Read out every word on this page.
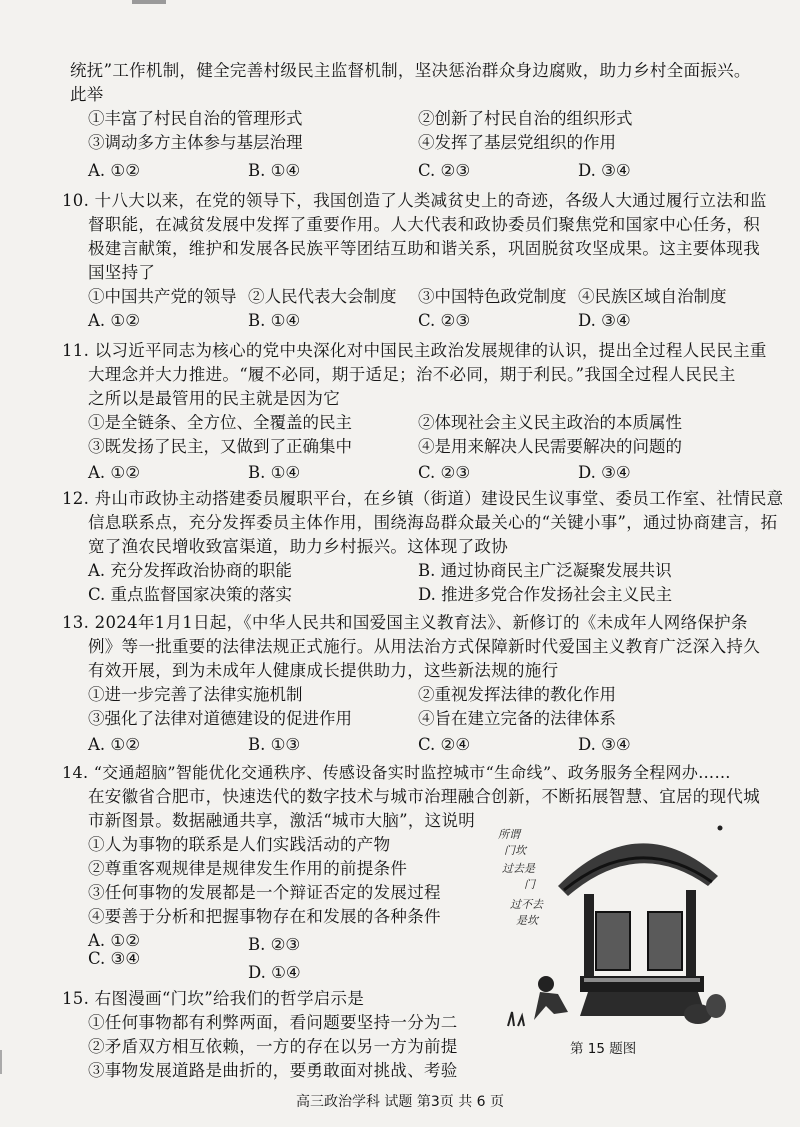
统抚”工作机制，健全完善村级民主监督机制，坚决惩治群众身边腐败，助力乡村全面振兴。
此举
①丰富了村民自治的管理形式	②创新了村民自治的组织形式
③调动多方主体参与基层治理	④发挥了基层党组织的作用
A. ①②	B. ①④	C. ②③	D. ③④
10. 十八大以来，在党的领导下，我国创造了人类减贫史上的奇迹，各级人大通过履行立法和监
督职能，在减贫发展中发挥了重要作用。人大代表和政协委员们聚焦党和国家中心任务，积
极建言献策，维护和发展各民族平等团结互助和谐关系，巩固脱贫攻坚成果。这主要体现我
国坚持了
①中国共产党的领导 ②人民代表大会制度 ③中国特色政党制度 ④民族区域自治制度
A. ①②	B. ①④	C. ②③	D. ③④
11. 以习近平同志为核心的党中央深化对中国民主政治发展规律的认识，提出全过程人民民主重
大理念并大力推进。“履不必同，期于适足；治不必同，期于利民。”我国全过程人民民主
之所以是最管用的民主就是因为它
①是全链条、全方位、全覆盖的民主	②体现社会主义民主政治的本质属性
③既发扬了民主，又做到了正确集中	④是用来解决人民需要解决的问题的
A. ①②	B. ①④	C. ②③	D. ③④
12. 舟山市政协主动搭建委员履职平台，在乡镇（街道）建设民生议事堂、委员工作室、社情民意
信息联系点，充分发挥委员主体作用，围绕海岛群众最关心的“关键小事”，通过协商建言，拓
宽了渔农民增收致富渠道，助力乡村振兴。这体现了政协
A. 充分发挥政治协商的职能	B. 通过协商民主广泛凝聚发展共识
C. 重点监督国家决策的落实	D. 推进多党合作发扬社会主义民主
13. 2024年1月1日起，《中华人民共和国爱国主义教育法》、新修订的《未成年人网络保护条
例》等一批重要的法律法规正式施行。从用法治方式保障新时代爱国主义教育广泛深入持久
有效开展，到为未成年人健康成长提供助力，这些新法规的施行
①进一步完善了法律实施机制	②重视发挥法律的教化作用
③强化了法律对道德建设的促进作用	④旨在建立完备的法律体系
A. ①②	B. ①③	C. ②④	D. ③④
14. “交通超脑”智能优化交通秩序、传感设备实时监控城市“生命线”、政务服务全程网办……
在安徽省合肥市，快速迭代的数字技术与城市治理融合创新，不断拓展智慧、宜居的现代城
市新图景。数据融通共享，激活“城市大脑”，这说明
①人为事物的联系是人们实践活动的产物
②尊重客观规律是规律发生作用的前提条件
③任何事物的发展都是一个辩证否定的发展过程
④要善于分析和把握事物存在和发展的各种条件
A. ①②	B. ②③
C. ③④
D. ①④
15. 右图漫画“门坎”给我们的哲学启示是
①任何事物都有利弊两面，看问题要坚持一分为二
②矛盾双方相互依赖，一方的存在以另一方为前提
③事物发展道路是曲折的，要勇敢面对挑战、考验
所谓
门坎
过去是
门
过不去
是坎
第 15 题图
高三政治学科 试题 第3页 共 6 页
